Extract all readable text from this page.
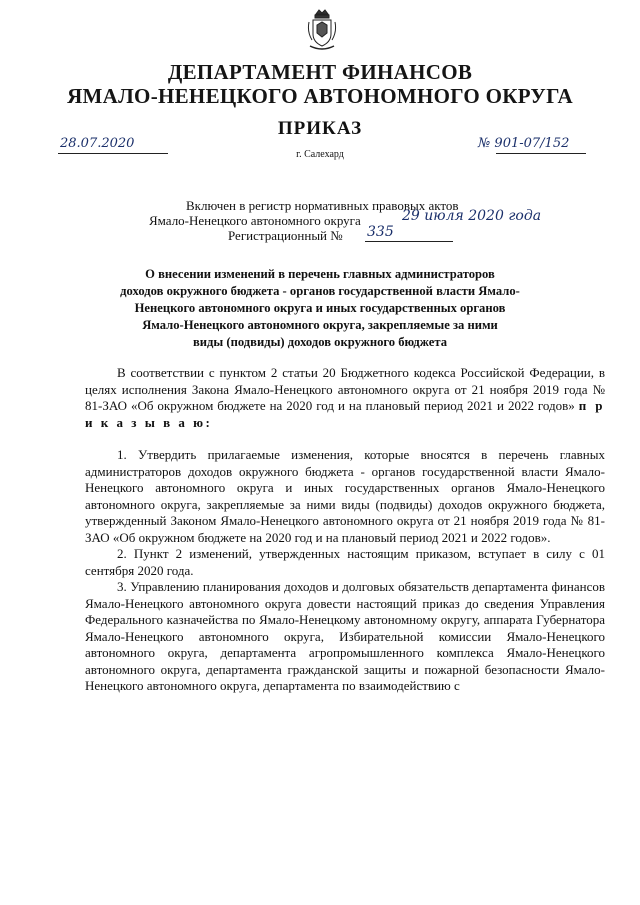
ДЕПАРТАМЕНТ ФИНАНСОВ
ЯМАЛО-НЕНЕЦКОГО АВТОНОМНОГО ОКРУГА
ПРИКАЗ
28.07.2020	№ 901-07/152
г. Салехард
Включен в регистр нормативных правовых актов
Ямало-Ненецкого автономного округа	29 июля 2020 года
Регистрационный № 335
О внесении изменений в перечень главных администраторов
доходов окружного бюджета - органов государственной власти Ямало-
Ненецкого автономного округа и иных государственных органов
Ямало-Ненецкого автономного округа, закрепляемые за ними
виды (подвиды) доходов окружного бюджета

В соответствии с пунктом 2 статьи 20 Бюджетного кодекса Российской Федерации, в целях исполнения Закона Ямало-Ненецкого автономного округа от 21 ноября 2019 года № 81-ЗАО «Об окружном бюджете на 2020 год и на плановый период 2021 и 2022 годов» п р и к а з ы в а ю:

1. Утвердить прилагаемые изменения, которые вносятся в перечень главных администраторов доходов окружного бюджета - органов государственной власти Ямало-Ненецкого автономного округа и иных государственных органов Ямало-Ненецкого автономного округа, закрепляемые за ними виды (подвиды) доходов окружного бюджета, утвержденный Законом Ямало-Ненецкого автономного округа от 21 ноября 2019 года № 81-ЗАО «Об окружном бюджете на 2020 год и на плановый период 2021 и 2022 годов».

2. Пункт 2 изменений, утвержденных настоящим приказом, вступает в силу с 01 сентября 2020 года.

3. Управлению планирования доходов и долговых обязательств департамента финансов Ямало-Ненецкого автономного округа довести настоящий приказ до сведения Управления Федерального казначейства по Ямало-Ненецкому автономному округу, аппарата Губернатора Ямало-Ненецкого автономного округа, Избирательной комиссии Ямало-Ненецкого автономного округа, департамента агропромышленного комплекса Ямало-Ненецкого автономного округа, департамента гражданской защиты и пожарной безопасности Ямало-Ненецкого автономного округа, департамента по взаимодействию с
